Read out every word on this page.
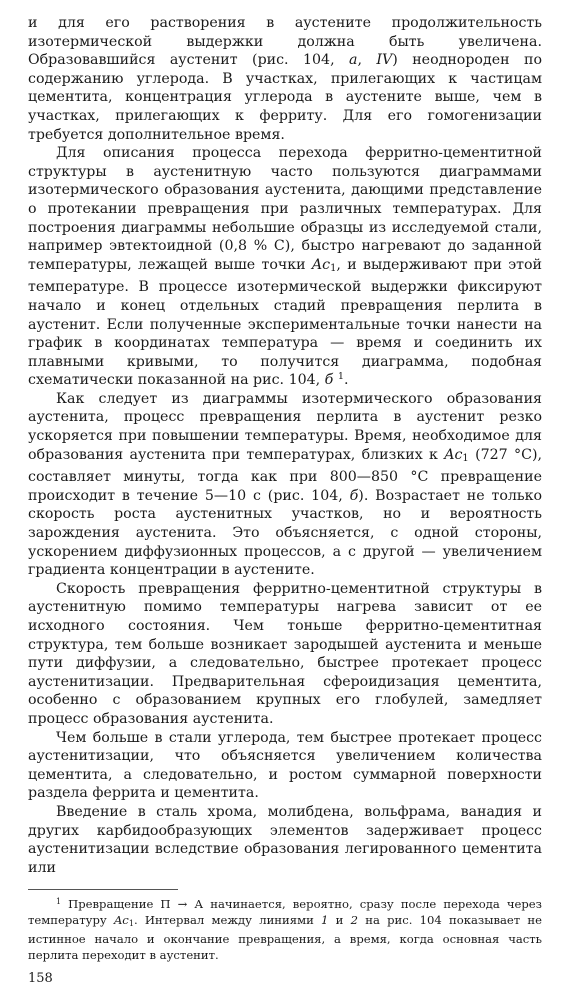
и для его растворения в аустените продолжительность изотермической выдержки должна быть увеличена. Образовавшийся аустенит (рис. 104, а, IV) неоднороден по содержанию углерода. В участках, прилегающих к частицам цементита, концентрация углерода в аустените выше, чем в участках, прилегающих к ферриту. Для его гомогенизации требуется дополнительное время.

Для описания процесса перехода ферритно-цементитной структуры в аустенитную часто пользуются диаграммами изотермического образования аустенита, дающими представление о протекании превращения при различных температурах. Для построения диаграммы небольшие образцы из исследуемой стали, например эвтектоидной (0,8 % С), быстро нагревают до заданной температуры, лежащей выше точки $Ac_1$, и выдерживают при этой температуре. В процессе изотермической выдержки фиксируют начало и конец отдельных стадий превращения перлита в аустенит. Если полученные экспериментальные точки нанести на график в координатах температура — время и соединить их плавными кривыми, то получится диаграмма, подобная схематически показанной на рис. 104, б $^1$.

Как следует из диаграммы изотермического образования аустенита, процесс превращения перлита в аустенит резко ускоряется при повышении температуры. Время, необходимое для образования аустенита при температурах, близких к $Ac_1$ (727 °С), составляет минуты, тогда как при 800—850 °С превращение происходит в течение 5—10 с (рис. 104, б). Возрастает не только скорость роста аустенитных участков, но и вероятность зарождения аустенита. Это объясняется, с одной стороны, ускорением диффузионных процессов, а с другой — увеличением градиента концентрации в аустените.

Скорость превращения ферритно-цементитной структуры в аустенитную помимо температуры нагрева зависит от ее исходного состояния. Чем тоньше ферритно-цементитная структура, тем больше возникает зародышей аустенита и меньше пути диффузии, а следовательно, быстрее протекает процесс аустенитизации. Предварительная сфероидизация цементита, особенно с образованием крупных его глобулей, замедляет процесс образования аустенита.

Чем больше в стали углерода, тем быстрее протекает процесс аустенитизации, что объясняется увеличением количества цементита, а следовательно, и ростом суммарной поверхности раздела феррита и цементита.

Введение в сталь хрома, молибдена, вольфрама, ванадия и других карбидообразующих элементов задерживает процесс аустенитизации вследствие образования легированного цементита или

$^1$ Превращение П → А начинается, вероятно, сразу после перехода через температуру $Ac_1$. Интервал между линиями 1 и 2 на рис. 104 показывает не истинное начало и окончание превращения, а время, когда основная часть перлита переходит в аустенит.

158
